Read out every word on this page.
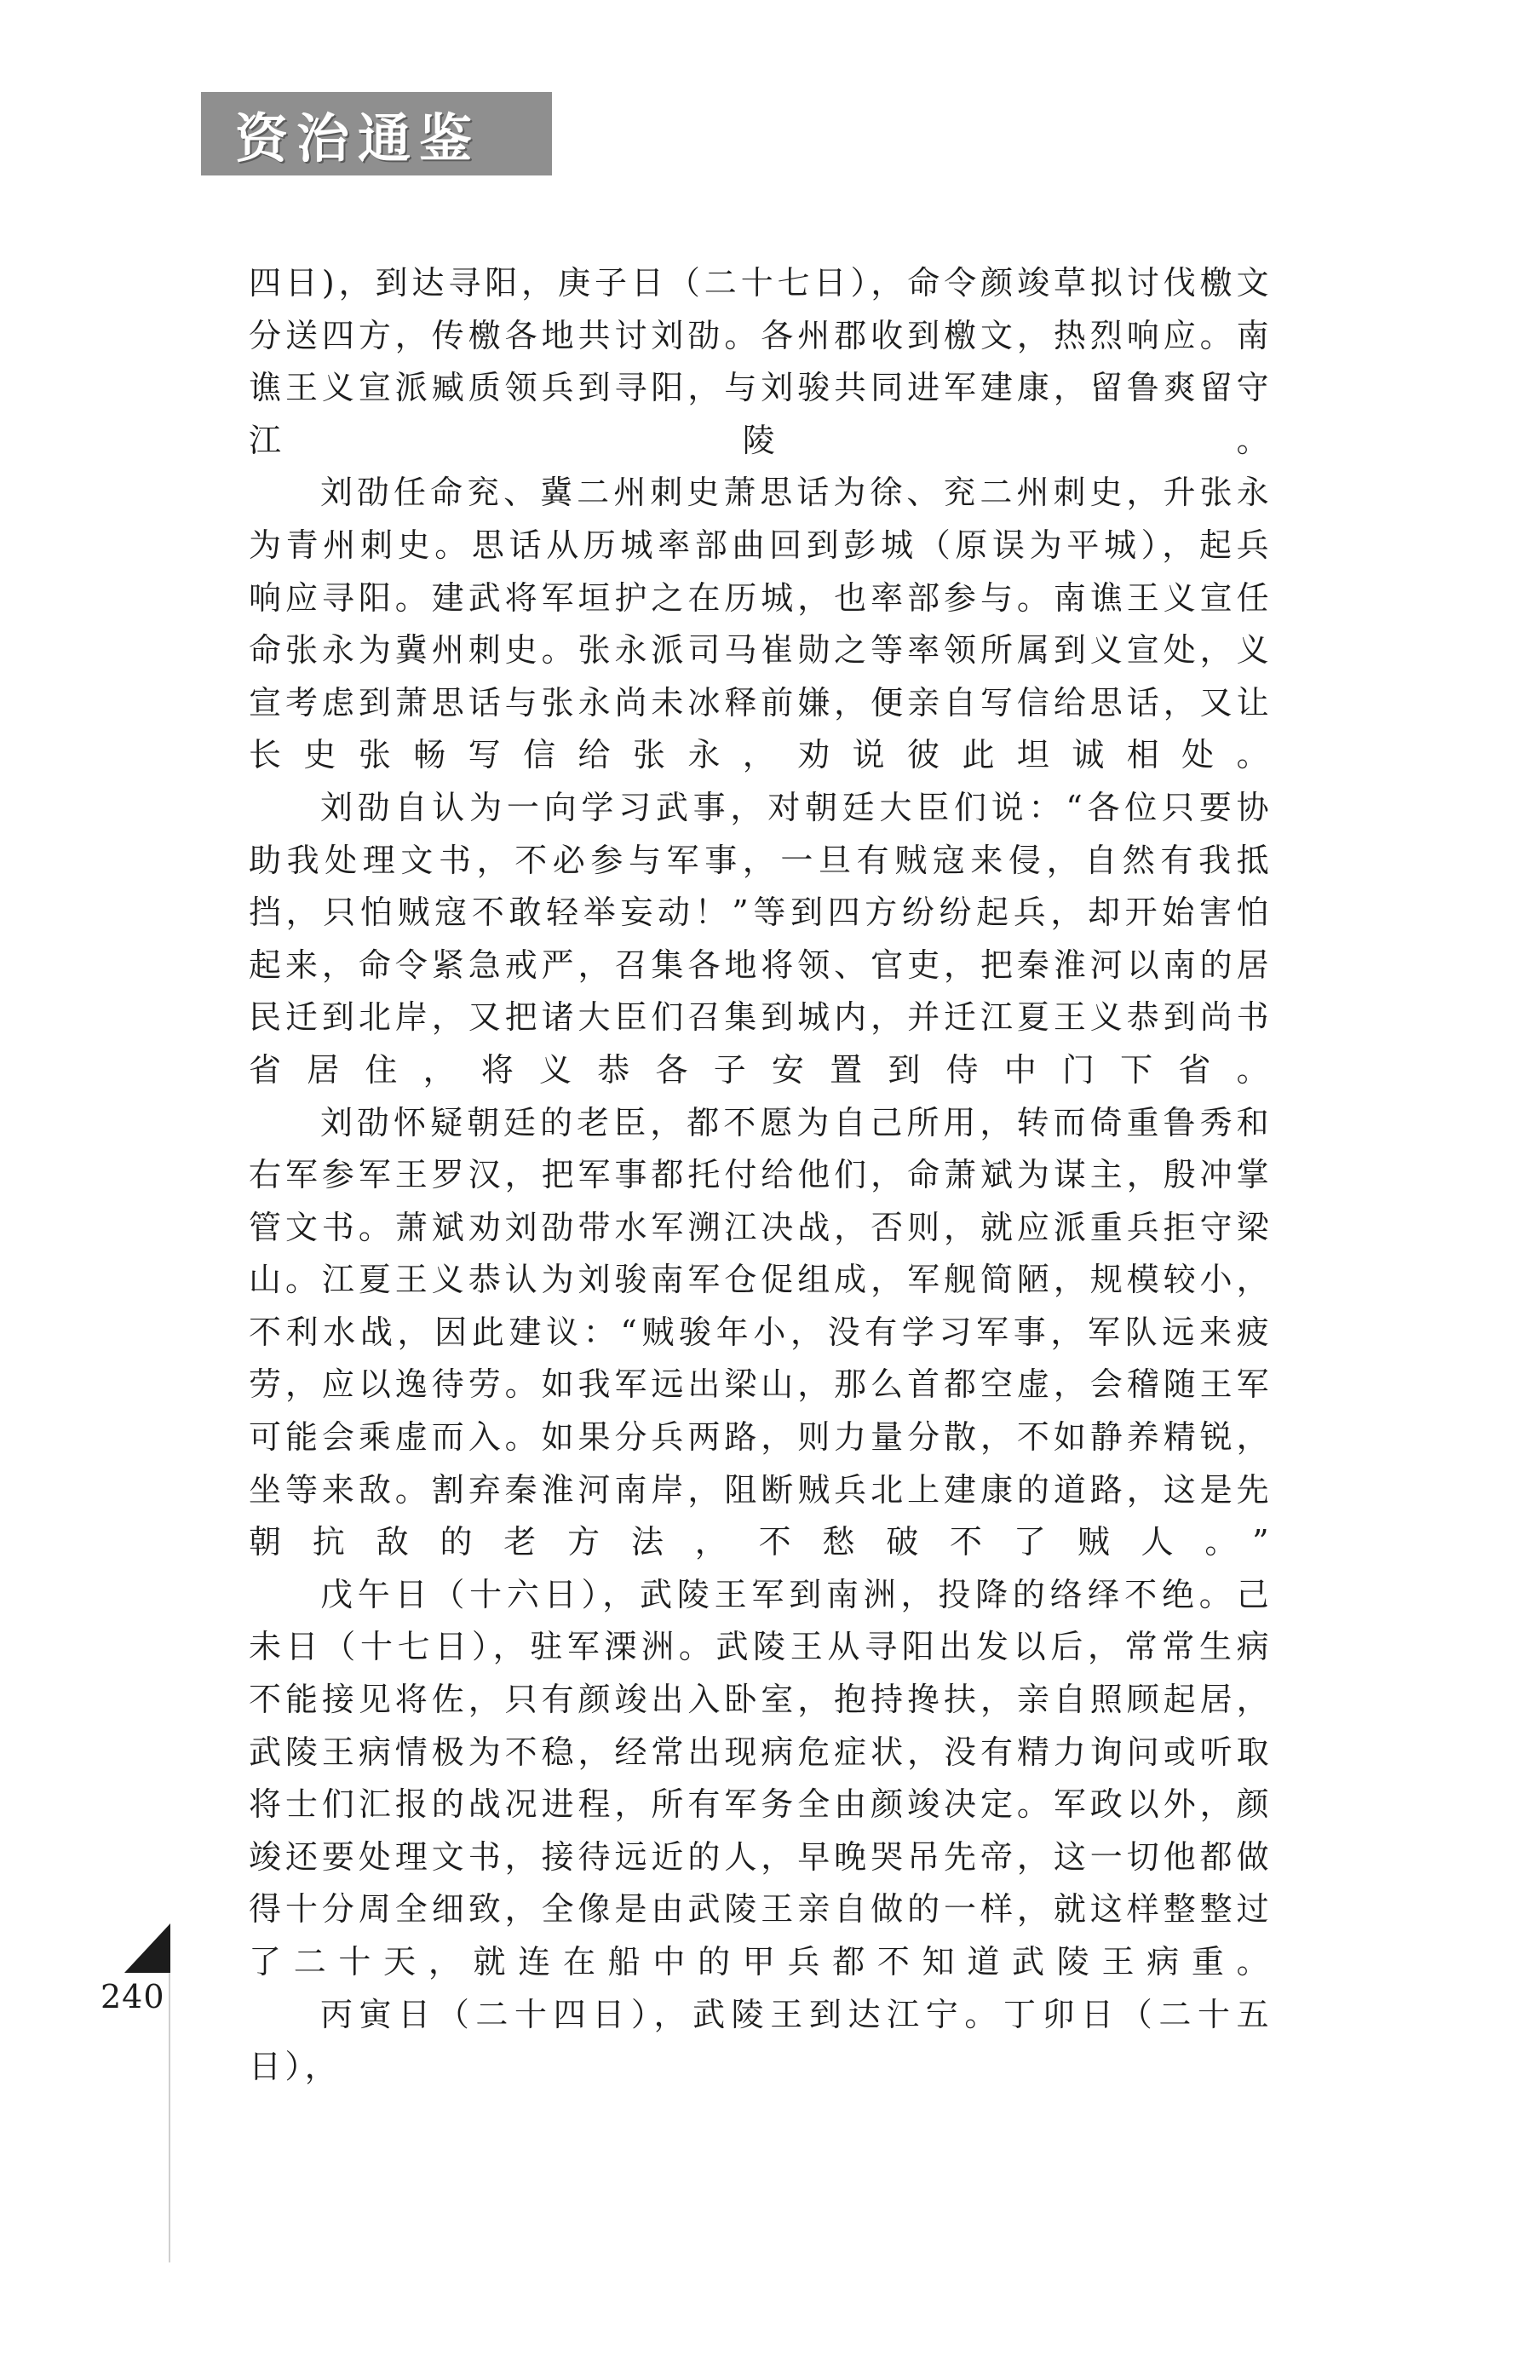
资治通鉴

四日)，到达寻阳，庚子日（二十七日），命令颜竣草拟讨伐檄文分送四方，传檄各地共讨刘劭。各州郡收到檄文，热烈响应。南谯王义宣派臧质领兵到寻阳，与刘骏共同进军建康，留鲁爽留守江陵。

刘劭任命兖、冀二州刺史萧思话为徐、兖二州刺史，升张永为青州刺史。思话从历城率部曲回到彭城（原误为平城），起兵响应寻阳。建武将军垣护之在历城，也率部参与。南谯王义宣任命张永为冀州刺史。张永派司马崔勋之等率领所属到义宣处，义宣考虑到萧思话与张永尚未冰释前嫌，便亲自写信给思话，又让长史张畅写信给张永，劝说彼此坦诚相处。

刘劭自认为一向学习武事，对朝廷大臣们说：“各位只要协助我处理文书，不必参与军事，一旦有贼寇来侵，自然有我抵挡，只怕贼寇不敢轻举妄动！”等到四方纷纷起兵，却开始害怕起来，命令紧急戒严，召集各地将领、官吏，把秦淮河以南的居民迁到北岸，又把诸大臣们召集到城内，并迁江夏王义恭到尚书省居住，将义恭各子安置到侍中门下省。

刘劭怀疑朝廷的老臣，都不愿为自己所用，转而倚重鲁秀和右军参军王罗汉，把军事都托付给他们，命萧斌为谋主，殷冲掌管文书。萧斌劝刘劭带水军溯江决战，否则，就应派重兵拒守梁山。江夏王义恭认为刘骏南军仓促组成，军舰简陋，规模较小，不利水战，因此建议：“贼骏年小，没有学习军事，军队远来疲劳，应以逸待劳。如我军远出梁山，那么首都空虚，会稽随王军可能会乘虚而入。如果分兵两路，则力量分散，不如静养精锐，坐等来敌。割弃秦淮河南岸，阻断贼兵北上建康的道路，这是先朝抗敌的老方法，不愁破不了贼人。”

戊午日（十六日），武陵王军到南洲，投降的络绎不绝。己未日（十七日），驻军溧洲。武陵王从寻阳出发以后，常常生病不能接见将佐，只有颜竣出入卧室，抱持搀扶，亲自照顾起居，武陵王病情极为不稳，经常出现病危症状，没有精力询问或听取将士们汇报的战况进程，所有军务全由颜竣决定。军政以外，颜竣还要处理文书，接待远近的人，早晚哭吊先帝，这一切他都做得十分周全细致，全像是由武陵王亲自做的一样，就这样整整过了二十天，就连在船中的甲兵都不知道武陵王病重。

丙寅日（二十四日），武陵王到达江宁。丁卯日（二十五日），

240
